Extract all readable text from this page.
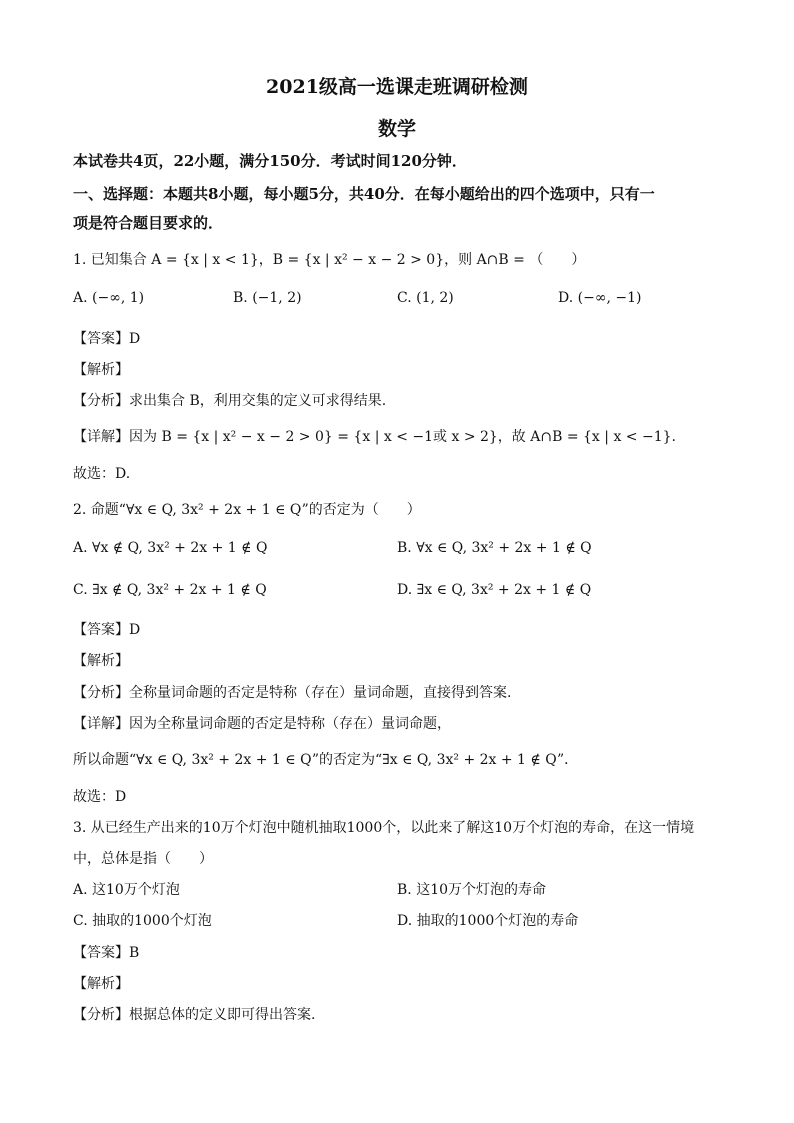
2021级高一选课走班调研检测
数学
本试卷共4页，22小题，满分150分．考试时间120分钟．
一、选择题：本题共8小题，每小题5分，共40分．在每小题给出的四个选项中，只有一
项是符合题目要求的．
1. 已知集合 A = {x | x < 1}，B = {x | x² − x − 2 > 0}，则 A∩B = （　　）
A. (−∞, 1)	B. (−1, 2)	C. (1, 2)	D. (−∞, −1)
【答案】D
【解析】
【分析】求出集合 B，利用交集的定义可求得结果.
【详解】因为 B = {x | x² − x − 2 > 0} = {x | x < −1或 x > 2}，故 A∩B = {x | x < −1}.
故选：D.
2. 命题“∀x ∈ Q, 3x² + 2x + 1 ∈ Q”的否定为（　　）
A. ∀x ∉ Q, 3x² + 2x + 1 ∉ Q	B. ∀x ∈ Q, 3x² + 2x + 1 ∉ Q
C. ∃x ∉ Q, 3x² + 2x + 1 ∉ Q	D. ∃x ∈ Q, 3x² + 2x + 1 ∉ Q
【答案】D
【解析】
【分析】全称量词命题的否定是特称（存在）量词命题，直接得到答案.
【详解】因为全称量词命题的否定是特称（存在）量词命题，
所以命题“∀x ∈ Q, 3x² + 2x + 1 ∈ Q”的否定为“∃x ∈ Q, 3x² + 2x + 1 ∉ Q”．
故选：D
3. 从已经生产出来的10万个灯泡中随机抽取1000个，以此来了解这10万个灯泡的寿命，在这一情境
中，总体是指（　　）
A. 这10万个灯泡	B. 这10万个灯泡的寿命
C. 抽取的1000个灯泡	D. 抽取的1000个灯泡的寿命
【答案】B
【解析】
【分析】根据总体的定义即可得出答案.
